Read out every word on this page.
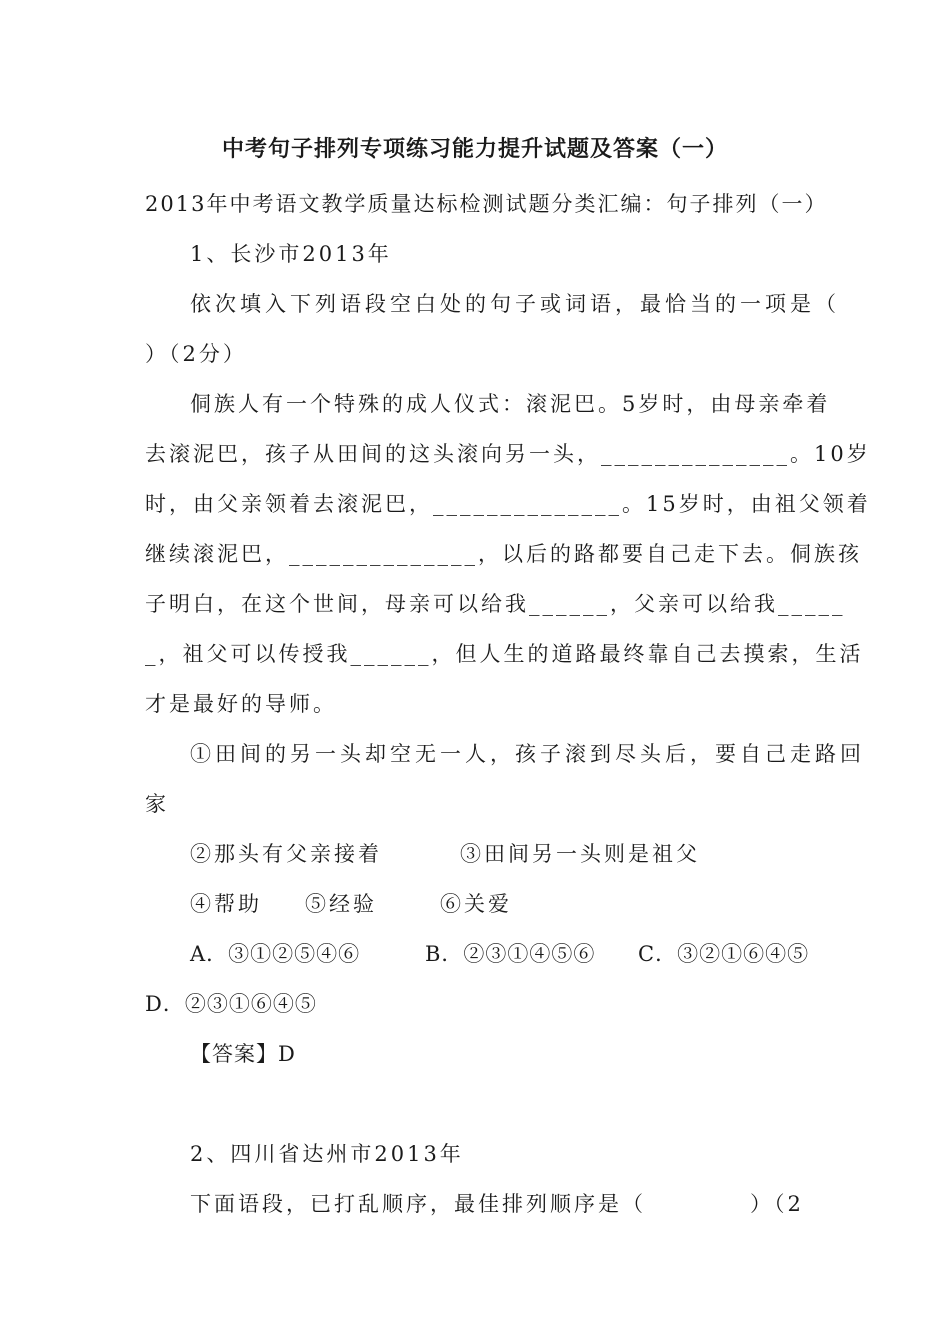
中考句子排列专项练习能力提升试题及答案（一）
2013年中考语文教学质量达标检测试题分类汇编：句子排列（一）
1、长沙市2013年
依次填入下列语段空白处的句子或词语，最恰当的一项是（
）（2分）
侗族人有一个特殊的成人仪式：滚泥巴。5岁时，由母亲牵着
去滚泥巴，孩子从田间的这头滚向另一头，______________。10岁
时，由父亲领着去滚泥巴，______________。15岁时，由祖父领着
继续滚泥巴，______________，以后的路都要自己走下去。侗族孩
子明白，在这个世间，母亲可以给我______，父亲可以给我_____
_，祖父可以传授我______，但人生的道路最终靠自己去摸索，生活
才是最好的导师。
①田间的另一头却空无一人，孩子滚到尽头后，要自己走路回
家
②那头有父亲接着	③田间另一头则是祖父
④帮助 ⑤经验	⑥关爱
A．③①②⑤④⑥	B．②③①④⑤⑥ C．③②①⑥④⑤
D．②③①⑥④⑤
【答案】D
2、四川省达州市2013年
下面语段，已打乱顺序，最佳排列顺序是（	）（2
